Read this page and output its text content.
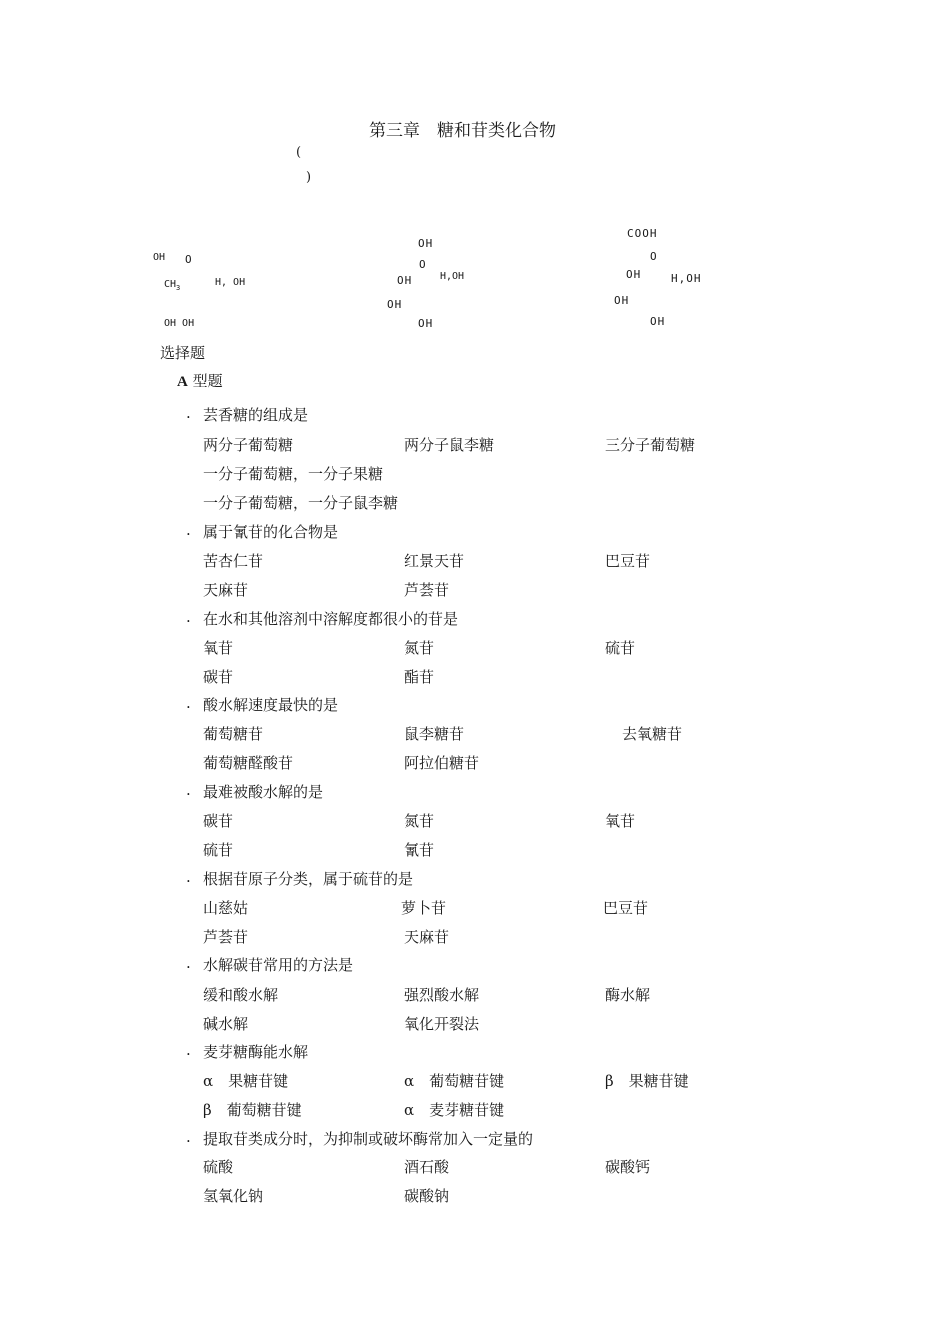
第三章　糖和苷类化合物
(
)
OH O
$CH_3$	H, OH
OH OH
OH
O
OH	H,OH
OH
OH
COOH
O
OH	H,OH
OH
OH
选择题
A 型题
. 芸香糖的组成是
两分子葡萄糖	两分子鼠李糖	三分子葡萄糖
一分子葡萄糖，一分子果糖
一分子葡萄糖，一分子鼠李糖
. 属于氰苷的化合物是
苦杏仁苷	红景天苷	巴豆苷
天麻苷	芦荟苷
. 在水和其他溶剂中溶解度都很小的苷是
氧苷	氮苷	硫苷
碳苷	酯苷
. 酸水解速度最快的是
葡萄糖苷	鼠李糖苷	去氧糖苷
葡萄糖醛酸苷	阿拉伯糖苷
. 最难被酸水解的是
碳苷	氮苷	氧苷
硫苷	氰苷
. 根据苷原子分类，属于硫苷的是
山慈姑	萝卜苷	巴豆苷
芦荟苷	天麻苷
. 水解碳苷常用的方法是
缓和酸水解	强烈酸水解	酶水解
碱水解	氧化开裂法
. 麦芽糖酶能水解
α　果糖苷键	α　葡萄糖苷键	β　果糖苷键
β　葡萄糖苷键	α　麦芽糖苷键
. 提取苷类成分时，为抑制或破坏酶常加入一定量的
硫酸	酒石酸	碳酸钙
氢氧化钠	碳酸钠
